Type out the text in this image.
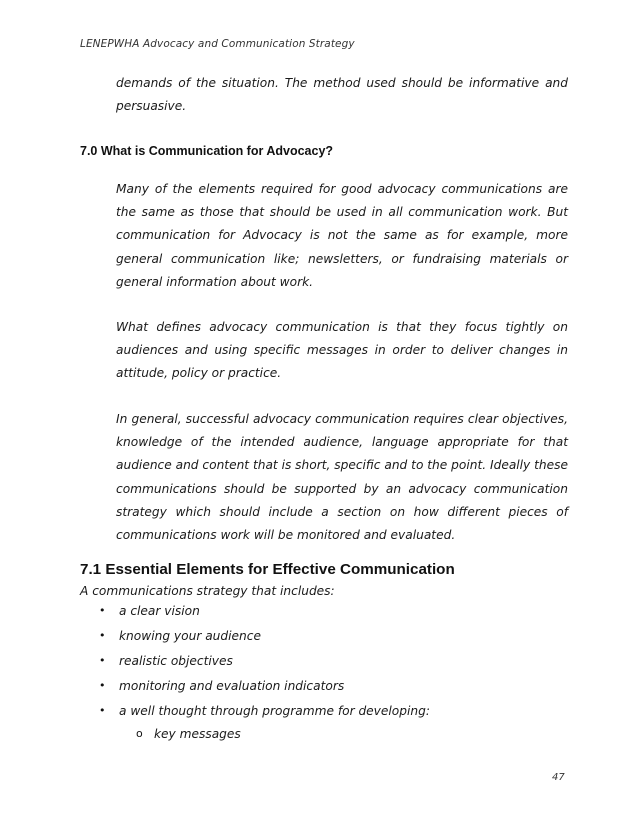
LENEPWHA Advocacy and Communication Strategy
demands of the situation. The method used should be informative and persuasive.
7.0 What is Communication for Advocacy?
Many of the elements required for good advocacy communications are the same as those that should be used in all communication work. But communication for Advocacy is not the same as for example, more general communication like; newsletters, or fundraising materials or general information about work.
What defines advocacy communication is that they focus tightly on audiences and using specific messages in order to deliver changes in attitude, policy or practice.
In general, successful advocacy communication requires clear objectives, knowledge of the intended audience, language appropriate for that audience and content that is short, specific and to the point. Ideally these communications should be supported by an advocacy communication strategy which should include a section on how different pieces of communications work will be monitored and evaluated.
7.1 Essential Elements for Effective Communication
A communications strategy that includes:
• a clear vision
• knowing your audience
• realistic objectives
• monitoring and evaluation indicators
• a well thought through programme for developing:
o key messages
47
